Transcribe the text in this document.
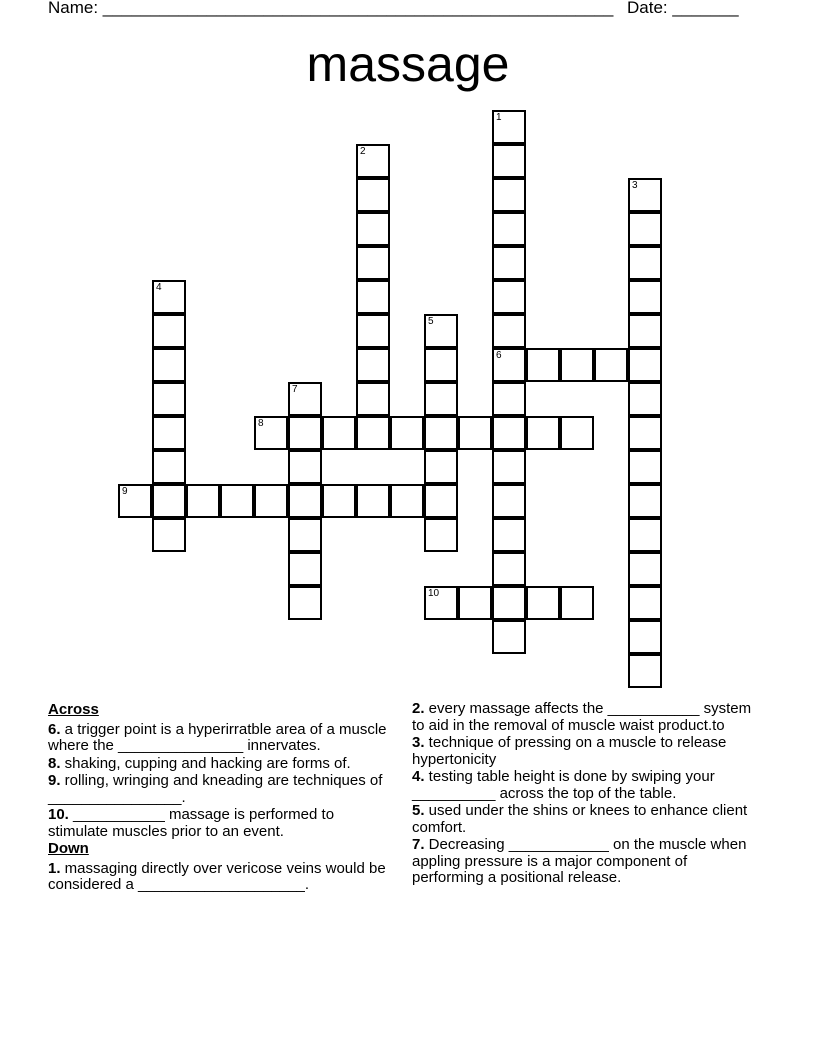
Name: ______________________________________________________ Date: _______
massage
6
8
9
10
1
2
3
4
5
7
Across
6. a trigger point is a hyperirratble area of a muscle where the _______________ innervates.
8. shaking, cupping and hacking are forms of.
9. rolling, wringing and kneading are techniques of ________________.
10. ___________ massage is performed to stimulate muscles prior to an event.
Down
1. massaging directly over vericose veins would be considered a ____________________.
2. every massage affects the ___________ system to aid in the removal of muscle waist product.to
3. technique of pressing on a muscle to release hypertonicity
4. testing table height is done by swiping your __________ across the top of the table.
5. used under the shins or knees to enhance client comfort.
7. Decreasing ____________ on the muscle when appling pressure is a major component of performing a positional release.
